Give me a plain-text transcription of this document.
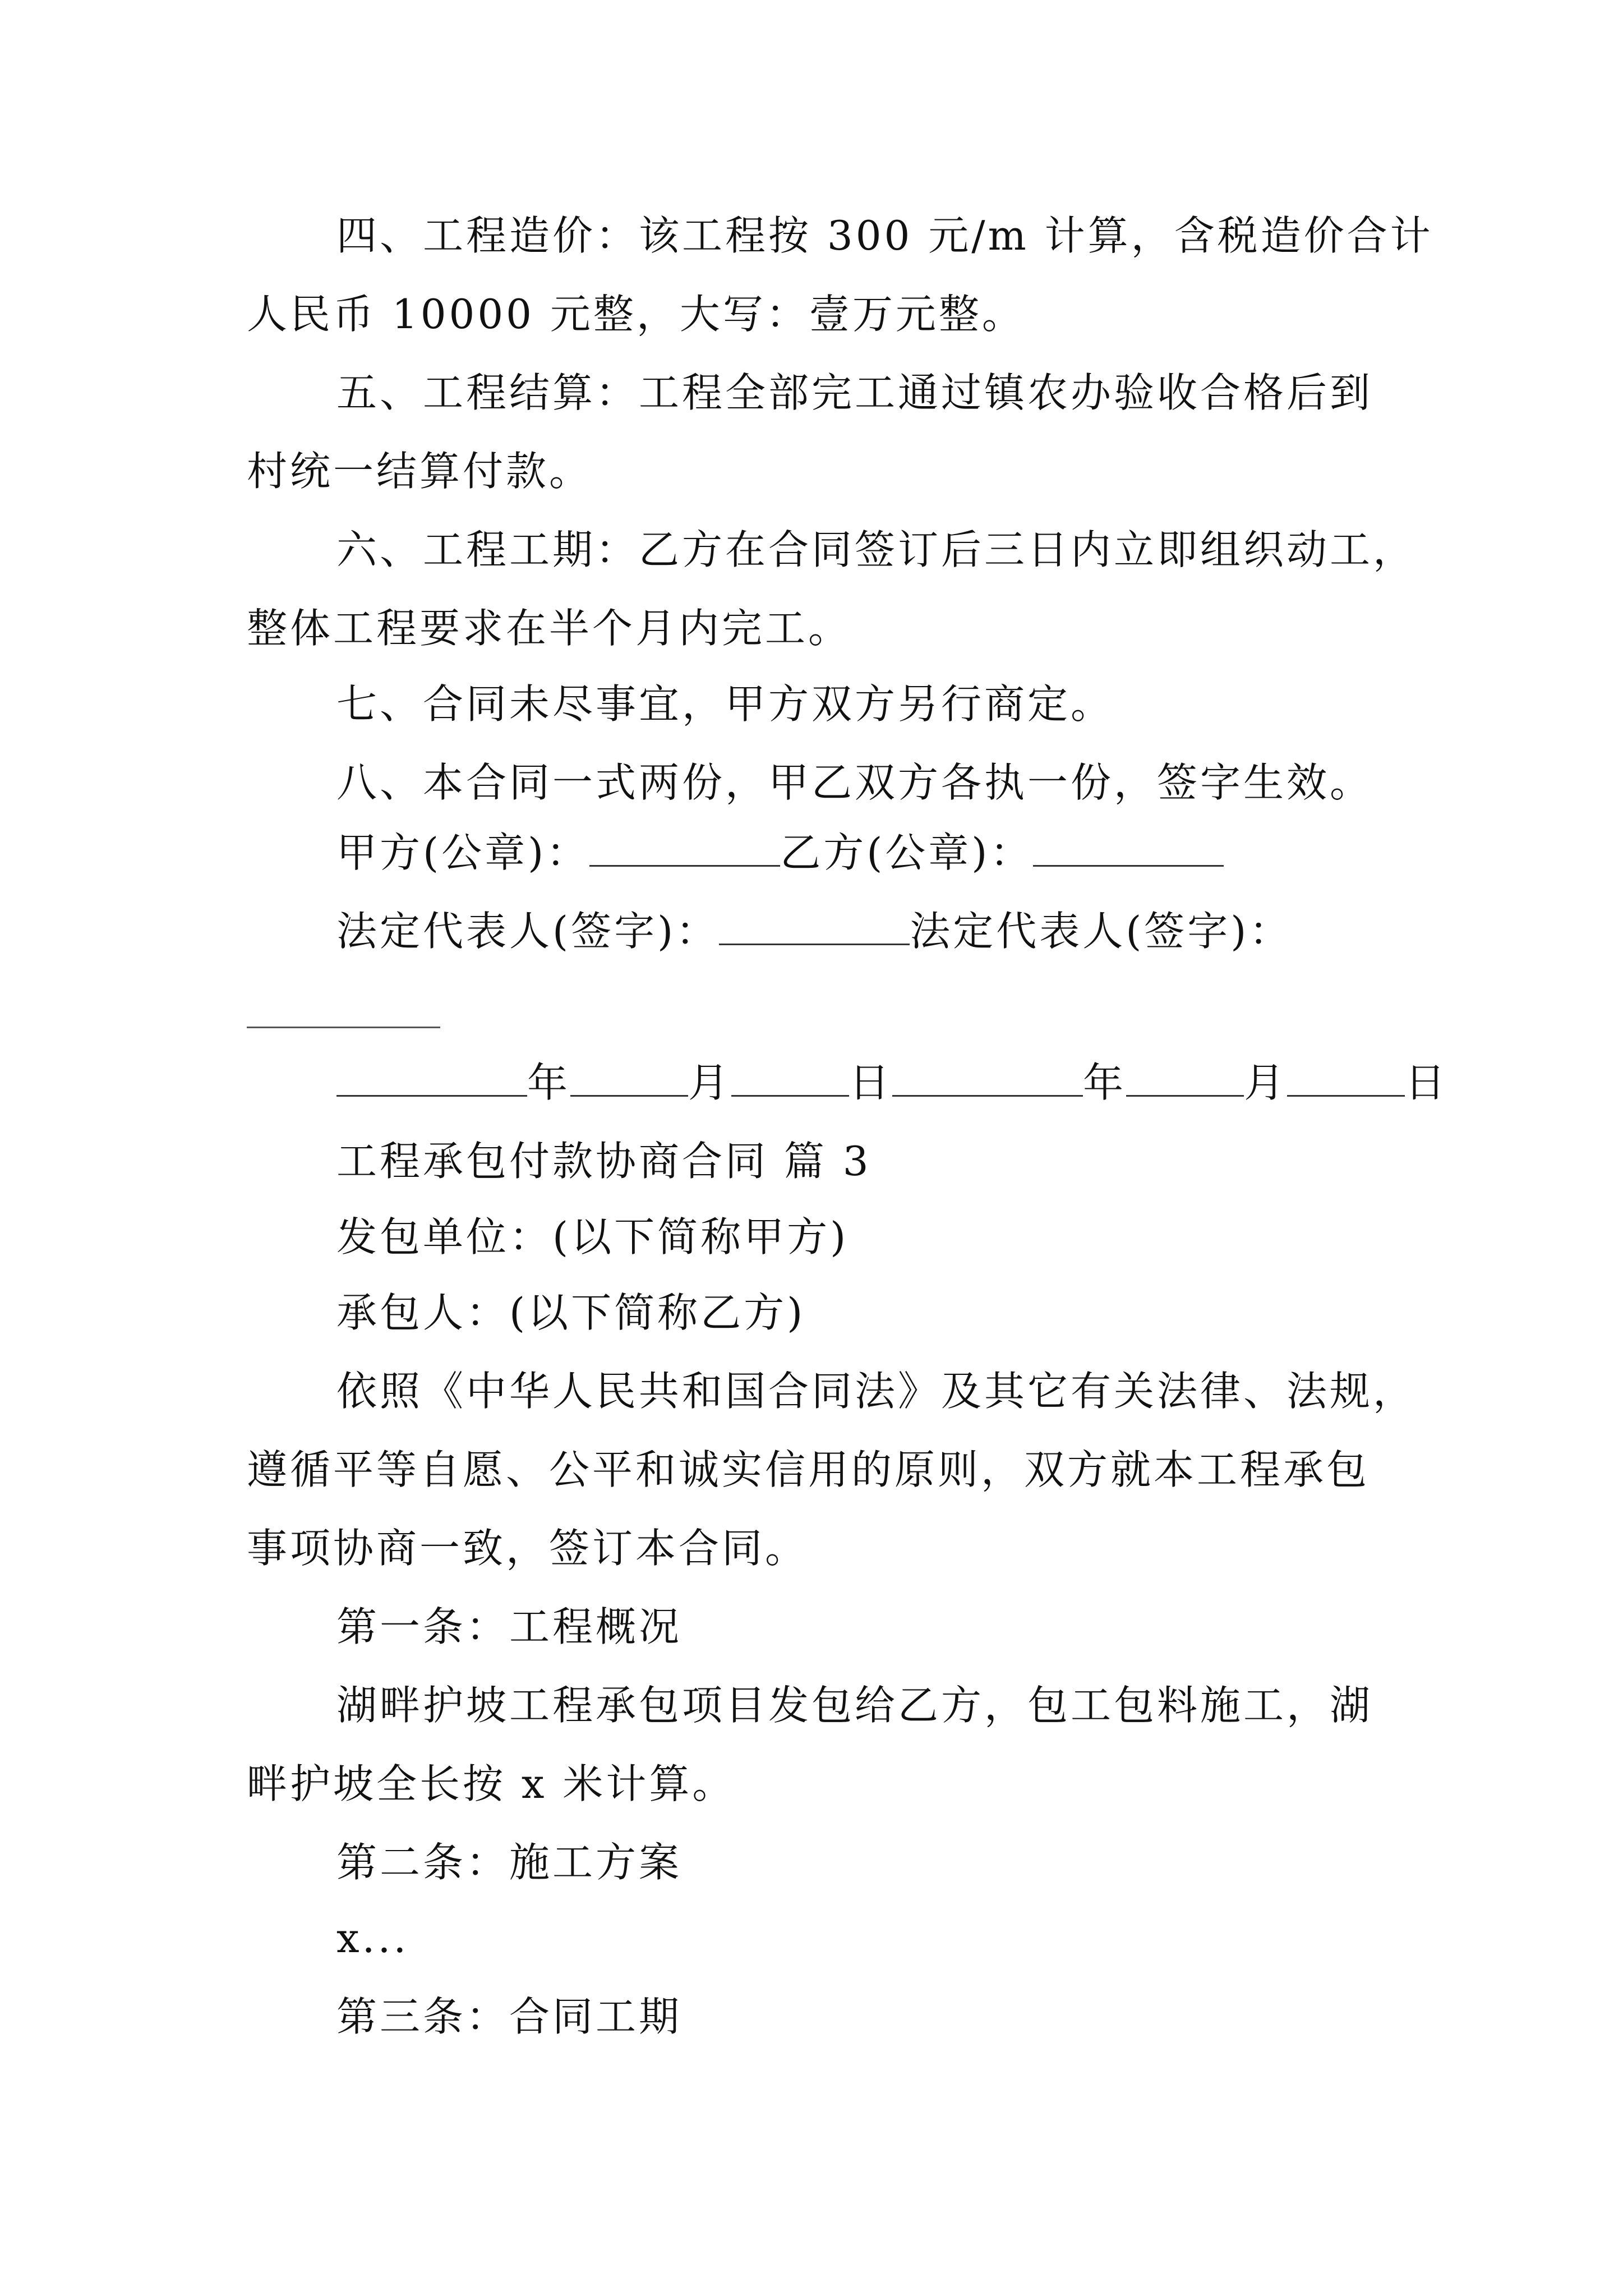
四、工程造价：该工程按 300 元/m 计算，含税造价合计
人民币 10000 元整，大写：壹万元整。
五、工程结算：工程全部完工通过镇农办验收合格后到
村统一结算付款。
六、工程工期：乙方在合同签订后三日内立即组织动工，
整体工程要求在半个月内完工。
七、合同未尽事宜，甲方双方另行商定。
八、本合同一式两份，甲乙双方各执一份，签字生效。
甲方(公章)：	乙方(公章)：
法定代表人(签字)：	法定代表人(签字)：
年	月	日	年	月	日
工程承包付款协商合同 篇 3
发包单位：(以下简称甲方)
承包人：(以下简称乙方)
依照《中华人民共和国合同法》及其它有关法律、法规，
遵循平等自愿、公平和诚实信用的原则，双方就本工程承包
事项协商一致，签订本合同。
第一条：工程概况
湖畔护坡工程承包项目发包给乙方，包工包料施工，湖
畔护坡全长按 x 米计算。
第二条：施工方案
x...
第三条：合同工期
